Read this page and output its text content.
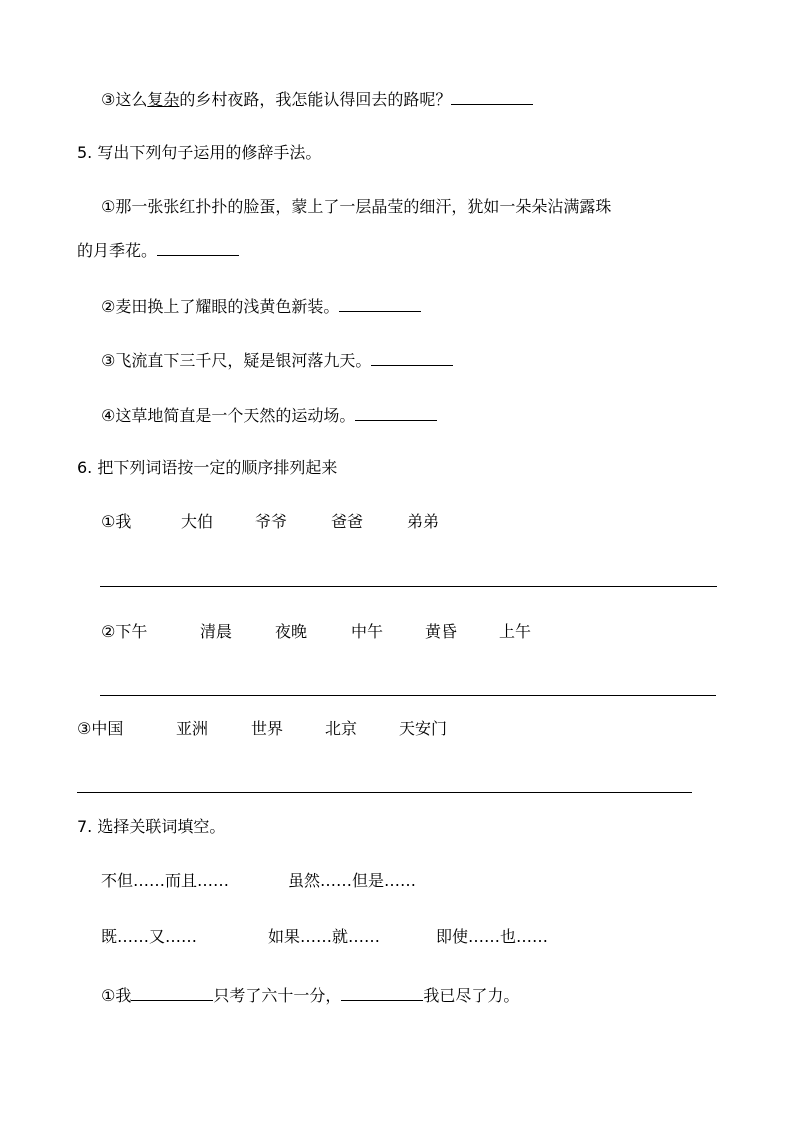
③这么复杂的乡村夜路，我怎能认得回去的路呢？
5. 写出下列句子运用的修辞手法。
①那一张张红扑扑的脸蛋，蒙上了一层晶莹的细汗，犹如一朵朵沾满露珠
的月季花。
②麦田换上了耀眼的浅黄色新装。
③飞流直下三千尺，疑是银河落九天。
④这草地简直是一个天然的运动场。
6. 把下列词语按一定的顺序排列起来
①我	大伯	爷爷	爸爸	弟弟
②下午	清晨	夜晚	中午	黄昏	上午
③中国	亚洲	世界	北京	天安门
7. 选择关联词填空。
不但……而且……	虽然……但是……
既……又……	如果……就……	即使……也……
①我	只考了六十一分，	我已尽了力。
